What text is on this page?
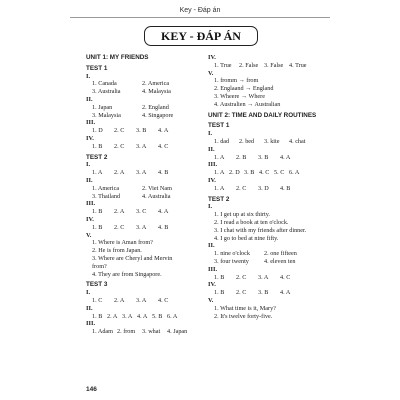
Key - Đáp án
KEY - ĐÁP ÁN
UNIT 1: MY FRIENDS
TEST 1
I.
1. Canada	2. America
3. Australia	4. Malaysia
II.
1. Japan	2. England
3. Malaysia	4. Singapore
III.
1. D 2. C 3. B 4. A
IV.
1. B 2. C 3. A 4. C
TEST 2
I.
1. A 2. A 3. A 4. B
II.
1. America	2. Viet Nam
3. Thailand	4. Australia
III.
1. B 2. A 3. C 4. A
IV.
1. B 2. C 3. A 4. B
V.
1. Where is Aman from?
2. He is from Japan.
3. Where are Cheryl and Mervin
from?
4. They are from Singapore.
TEST 3
I.
1. C 2. A 3. A 4. C
II.
1. B 2. A 3. A 4. A 5. B 6. A
III.
1. Adam 2. from 3. what 4. Japan
IV.
1. True 2. False 3. False 4. True
V.
1. fromm → from
2. Englaand → England
3. Wheere → Where
4. Australien → Australian
UNIT 2: TIME AND DAILY ROUTINES
TEST 1
I.
1. dad 2. bed 3. kite 4. chat
II.
1. A 2. B 3. B 4. A
III.
1. A 2. D 3. B 4. C 5. C 6. A
IV.
1. A 2. C 3. D 4. B
TEST 2
I.
1. I get up at six thirty.
2. I read a book at ten o'clock.
3. I chat with my friends after dinner.
4. I go to bed at nine fifty.
II.
1. nine o'clock 2. one fifteen
3. four twenty 4. eleven ten
III.
1. B 2. C 3. A 4. C
IV.
1. B 2. C 3. B 4. A
V.
1. What time is it, Mary?
2. It's twelve forty-five.
146
